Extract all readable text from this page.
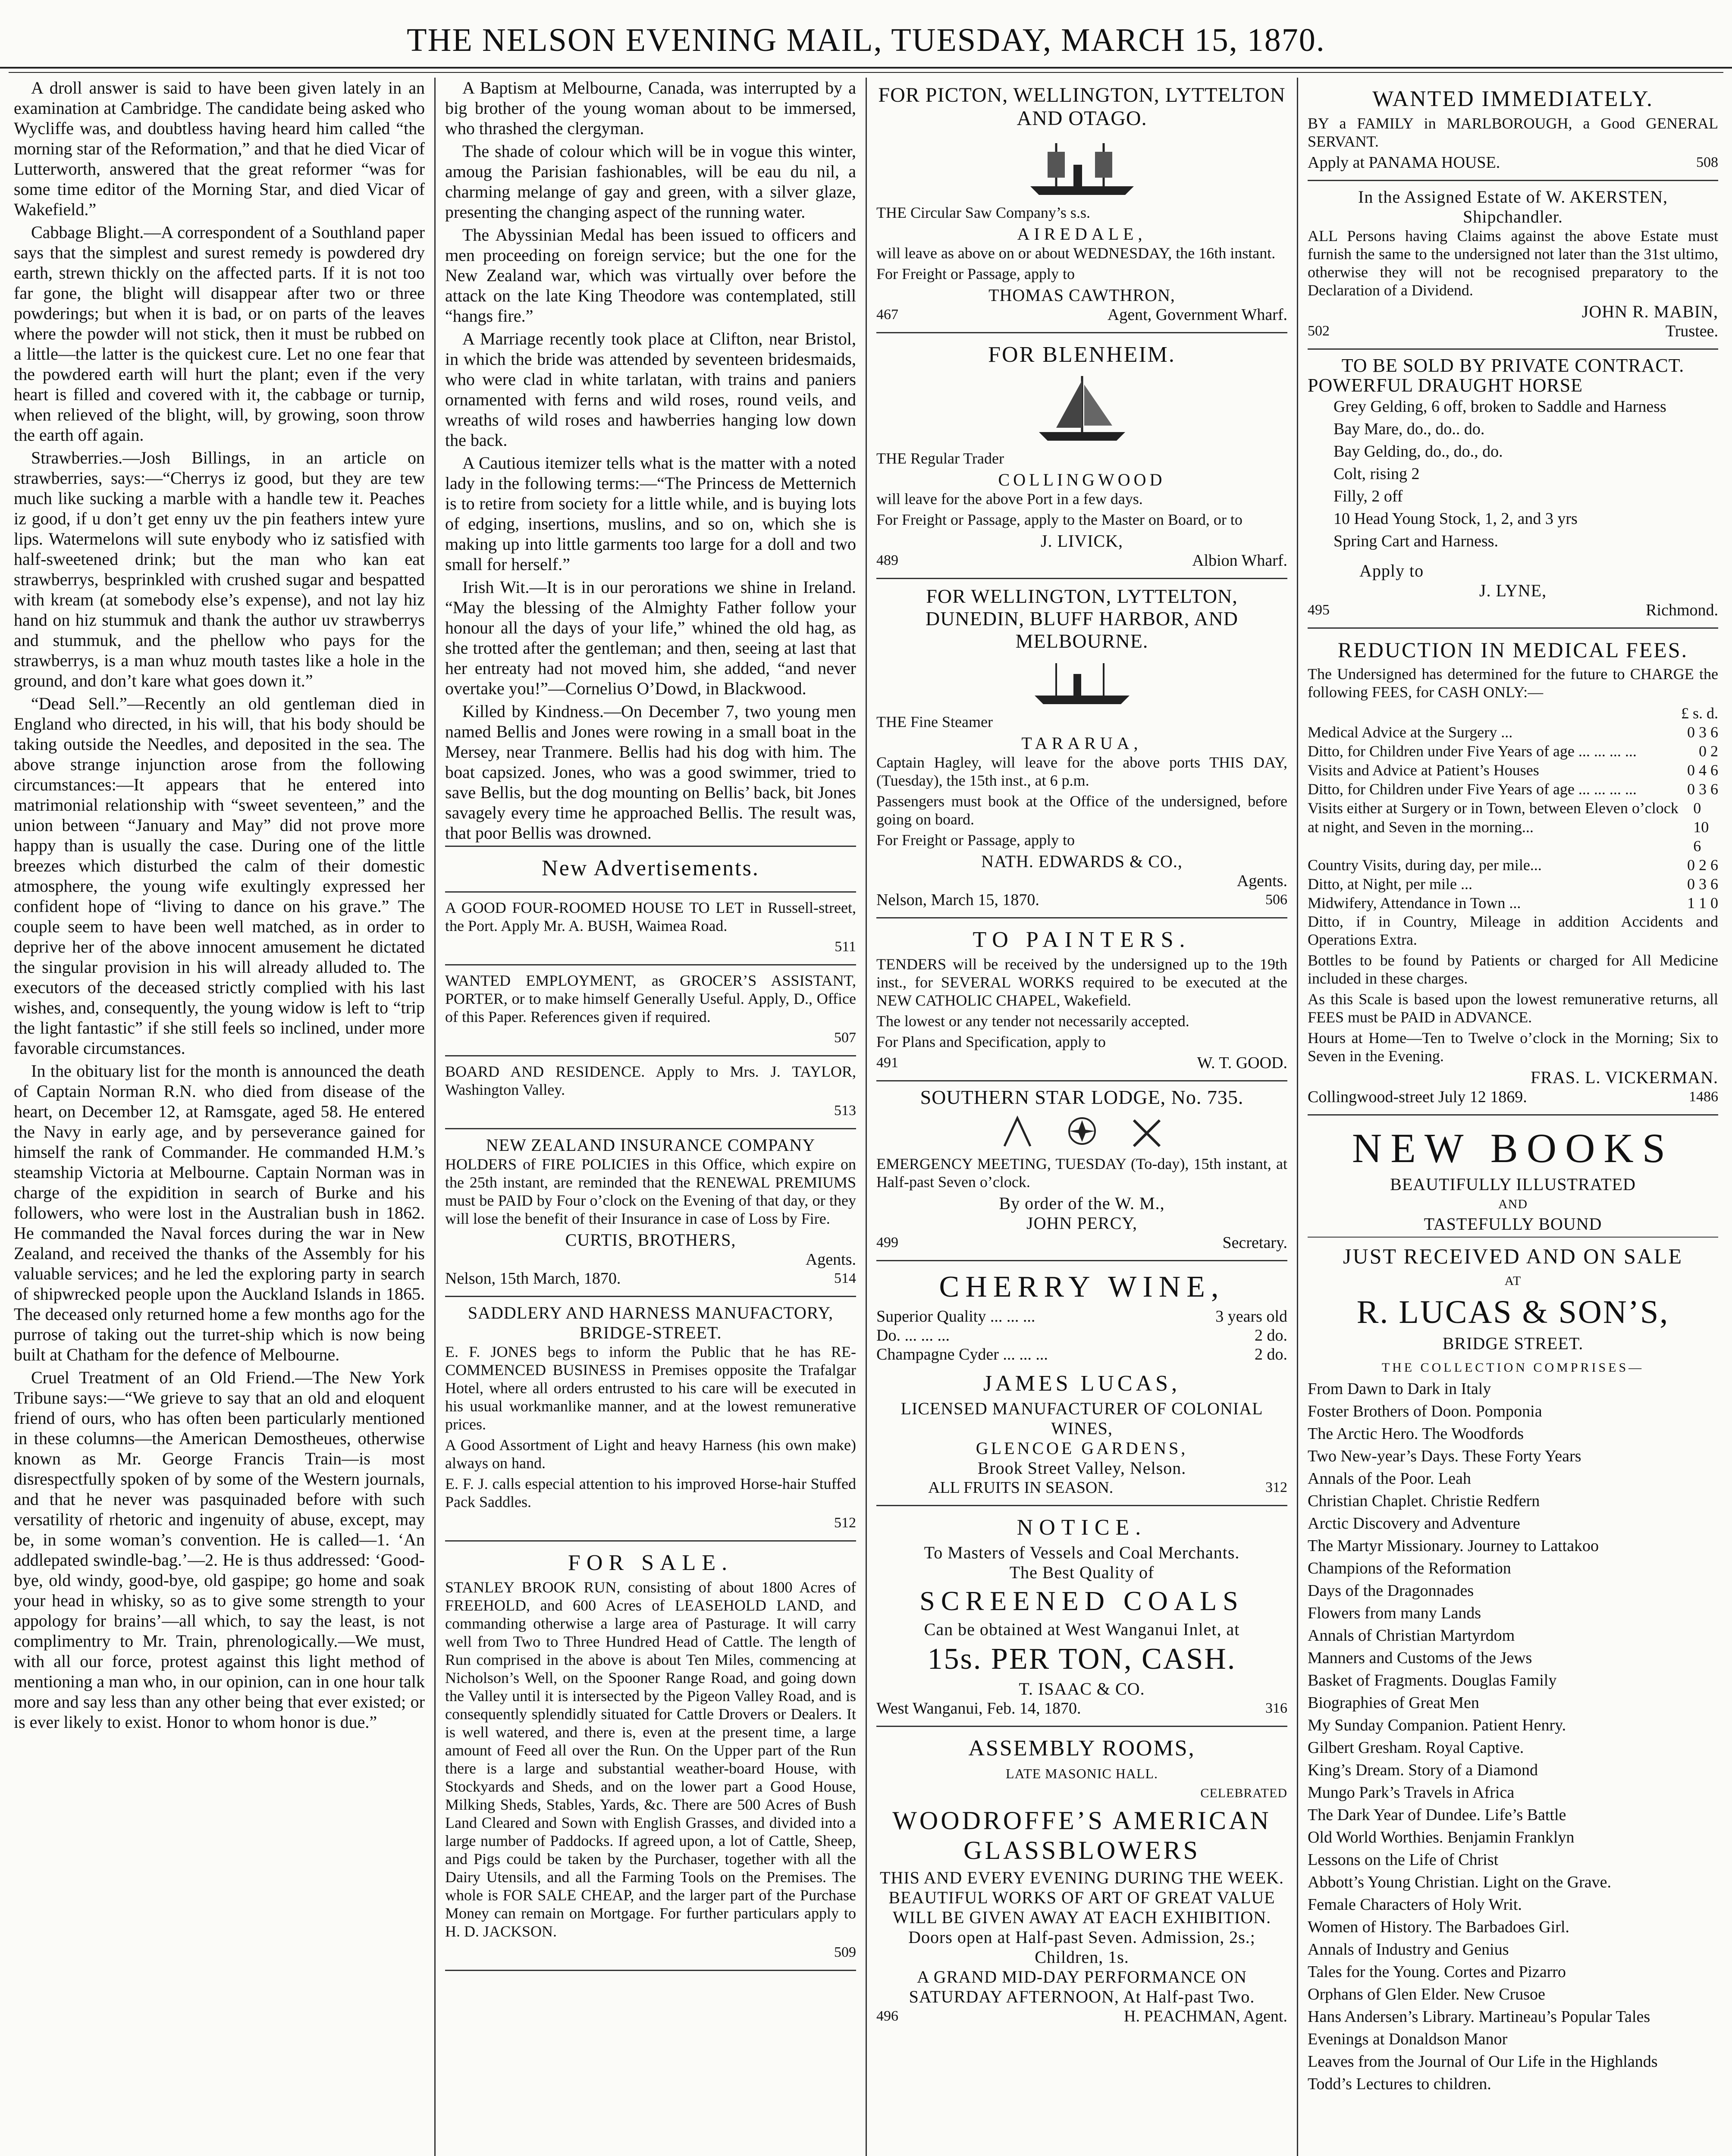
THE NELSON EVENING MAIL, TUESDAY, MARCH 15, 1870.

A droll answer is said to have been given lately in an examination at Cambridge. The candidate being asked who Wycliffe was, and doubtless having heard him called “the morning star of the Reformation,” and that he died Vicar of Lutterworth, answered that the great reformer “was for some time editor of the Morning Star, and died Vicar of Wakefield.”

Cabbage Blight.—A correspondent of a Southland paper says that the simplest and surest remedy is powdered dry earth, strewn thickly on the affected parts. If it is not too far gone, the blight will disappear after two or three powderings; but when it is bad, or on parts of the leaves where the powder will not stick, then it must be rubbed on a little—the latter is the quickest cure. Let no one fear that the powdered earth will hurt the plant; even if the very heart is filled and covered with it, the cabbage or turnip, when relieved of the blight, will, by growing, soon throw the earth off again.

Strawberries.—Josh Billings, in an article on strawberries, says:—“Cherrys iz good, but they are tew much like sucking a marble with a handle tew it. Peaches iz good, if u don’t get enny uv the pin feathers intew yure lips. Watermelons will sute enybody who iz satisfied with half-sweetened drink; but the man who kan eat strawberrys, besprinkled with crushed sugar and bespatted with kream (at somebody else’s expense), and not lay hiz hand on hiz stummuk and thank the author uv strawberrys and stummuk, and the phellow who pays for the strawberrys, is a man whuz mouth tastes like a hole in the ground, and don’t kare what goes down it.”

“Dead Sell.”—Recently an old gentleman died in England who directed, in his will, that his body should be taking outside the Needles, and deposited in the sea. The above strange injunction arose from the following circumstances:—It appears that he entered into matrimonial relationship with “sweet seventeen,” and the union between “January and May” did not prove more happy than is usually the case. During one of the little breezes which disturbed the calm of their domestic atmosphere, the young wife exultingly expressed her confident hope of “living to dance on his grave.” The couple seem to have been well matched, as in order to deprive her of the above innocent amusement he dictated the singular provision in his will already alluded to. The executors of the deceased strictly complied with his last wishes, and, consequently, the young widow is left to “trip the light fantastic” if she still feels so inclined, under more favorable circumstances.

In the obituary list for the month is announced the death of Captain Norman R.N. who died from disease of the heart, on December 12, at Ramsgate, aged 58. He entered the Navy in early age, and by perseverance gained for himself the rank of Commander. He commanded H.M.’s steamship Victoria at Melbourne. Captain Norman was in charge of the expidition in search of Burke and his followers, who were lost in the Australian bush in 1862. He commanded the Naval forces during the war in New Zealand, and received the thanks of the Assembly for his valuable services; and he led the exploring party in search of shipwrecked people upon the Auckland Islands in 1865. The deceased only returned home a few months ago for the purrose of taking out the turret-ship which is now being built at Chatham for the defence of Melbourne.

Cruel Treatment of an Old Friend.—The New York Tribune says:—“We grieve to say that an old and eloquent friend of ours, who has often been particularly mentioned in these columns—the American Demostheues, otherwise known as Mr. George Francis Train—is most disrespectfully spoken of by some of the Western journals, and that he never was pasquinaded before with such versatility of rhetoric and ingenuity of abuse, except, may be, in some woman’s convention. He is called—1. ‘An addlepated swindle-bag.’—2. He is thus addressed: ‘Good-bye, old windy, good-bye, old gaspipe; go home and soak your head in whisky, so as to give some strength to your appology for brains’—all which, to say the least, is not complimentry to Mr. Train, phrenologically.—We must, with all our force, protest against this light method of mentioning a man who, in our opinion, can in one hour talk more and say less than any other being that ever existed; or is ever likely to exist. Honor to whom honor is due.”

A Baptism at Melbourne, Canada, was interrupted by a big brother of the young woman about to be immersed, who thrashed the clergyman.

The shade of colour which will be in vogue this winter, amoug the Parisian fashionables, will be eau du nil, a charming melange of gay and green, with a silver glaze, presenting the changing aspect of the running water.

The Abyssinian Medal has been issued to officers and men proceeding on foreign service; but the one for the New Zealand war, which was virtually over before the attack on the late King Theodore was contemplated, still “hangs fire.”

A Marriage recently took place at Clifton, near Bristol, in which the bride was attended by seventeen bridesmaids, who were clad in white tarlatan, with trains and paniers ornamented with ferns and wild roses, round veils, and wreaths of wild roses and hawberries hanging low down the back.

A Cautious itemizer tells what is the matter with a noted lady in the following terms:—“The Princess de Metternich is to retire from society for a little while, and is buying lots of edging, insertions, muslins, and so on, which she is making up into little garments too large for a doll and two small for herself.”

Irish Wit.—It is in our perorations we shine in Ireland. “May the blessing of the Almighty Father follow your honour all the days of your life,” whined the old hag, as she trotted after the gentleman; and then, seeing at last that her entreaty had not moved him, she added, “and never overtake you!”—Cornelius O’Dowd, in Blackwood.

Killed by Kindness.—On December 7, two young men named Bellis and Jones were rowing in a small boat in the Mersey, near Tranmere. Bellis had his dog with him. The boat capsized. Jones, who was a good swimmer, tried to save Bellis, but the dog mounting on Bellis’ back, bit Jones savagely every time he approached Bellis. The result was, that poor Bellis was drowned.

New Advertisements.

A GOOD FOUR-ROOMED HOUSE TO LET in Russell-street, the Port. Apply Mr. A. BUSH, Waimea Road.

511

WANTED EMPLOYMENT, as GROCER’S ASSISTANT, PORTER, or to make himself Generally Useful. Apply, D., Office of this Paper. References given if required.

507

BOARD AND RESIDENCE. Apply to Mrs. J. TAYLOR, Washington Valley.

513
NEW ZEALAND INSURANCE COMPANY

HOLDERS of FIRE POLICIES in this Office, which expire on the 25th instant, are reminded that the RENEWAL PREMIUMS must be PAID by Four o’clock on the Evening of that day, or they will lose the benefit of their Insurance in case of Loss by Fire.

CURTIS, BROTHERS,
Agents.
Nelson, 15th March, 1870.	514
SADDLERY AND HARNESS MANUFACTORY, BRIDGE-STREET.

E. F. JONES begs to inform the Public that he has RE-COMMENCED BUSINESS in Premises opposite the Trafalgar Hotel, where all orders entrusted to his care will be executed in his usual workmanlike manner, and at the lowest remunerative prices.

A Good Assortment of Light and heavy Harness (his own make) always on hand.

E. F. J. calls especial attention to his improved Horse-hair Stuffed Pack Saddles.

512
FOR SALE.

STANLEY BROOK RUN, consisting of about 1800 Acres of FREEHOLD, and 600 Acres of LEASEHOLD LAND, and commanding otherwise a large area of Pasturage. It will carry well from Two to Three Hundred Head of Cattle. The length of Run comprised in the above is about Ten Miles, commencing at Nicholson’s Well, on the Spooner Range Road, and going down the Valley until it is intersected by the Pigeon Valley Road, and is consequently splendidly situated for Cattle Drovers or Dealers. It is well watered, and there is, even at the present time, a large amount of Feed all over the Run. On the Upper part of the Run there is a large and substantial weather-board House, with Stockyards and Sheds, and on the lower part a Good House, Milking Sheds, Stables, Yards, &c. There are 500 Acres of Bush Land Cleared and Sown with English Grasses, and divided into a large number of Paddocks. If agreed upon, a lot of Cattle, Sheep, and Pigs could be taken by the Purchaser, together with all the Dairy Utensils, and all the Farming Tools on the Premises. The whole is FOR SALE CHEAP, and the larger part of the Purchase Money can remain on Mortgage. For further particulars apply to H. D. JACKSON.

509
FOR PICTON, WELLINGTON, LYTTELTON AND OTAGO.

THE Circular Saw Company’s s.s.

AIREDALE,

will leave as above on or about WEDNESDAY, the 16th instant.

For Freight or Passage, apply to

THOMAS CAWTHRON,
467	Agent, Government Wharf.
FOR BLENHEIM.

THE Regular Trader

COLLINGWOOD

will leave for the above Port in a few days.

For Freight or Passage, apply to the Master on Board, or to

J. LIVICK,
489	Albion Wharf.
FOR WELLINGTON, LYTTELTON, DUNEDIN, BLUFF HARBOR, AND MELBOURNE.

THE Fine Steamer

TARARUA,

Captain Hagley, will leave for the above ports THIS DAY, (Tuesday), the 15th inst., at 6 p.m.

Passengers must book at the Office of the undersigned, before going on board.

For Freight or Passage, apply to

NATH. EDWARDS & CO.,
Agents.
Nelson, March 15, 1870.	506
TO PAINTERS.

TENDERS will be received by the undersigned up to the 19th inst., for SEVERAL WORKS required to be executed at the NEW CATHOLIC CHAPEL, Wakefield.

The lowest or any tender not necessarily accepted.

For Plans and Specification, apply to

491	W. T. GOOD.
SOUTHERN STAR LODGE, No. 735.

EMERGENCY MEETING, TUESDAY (To-day), 15th instant, at Half-past Seven o’clock.

By order of the W. M.,
JOHN PERCY,
499	Secretary.
CHERRY WINE,
Superior Quality ... ... ...	3 years old
Do. ... ... ...	2 do.
Champagne Cyder ... ... ...	2 do.
JAMES LUCAS,
LICENSED MANUFACTURER OF COLONIAL WINES,
GLENCOE GARDENS,
Brook Street Valley, Nelson.
ALL FRUITS IN SEASON.	312
NOTICE.
To Masters of Vessels and Coal Merchants.
The Best Quality of
SCREENED COALS
Can be obtained at West Wanganui Inlet, at
15s. PER TON, CASH.
T. ISAAC & CO.
West Wanganui, Feb. 14, 1870.	316
ASSEMBLY ROOMS,
LATE MASONIC HALL.
CELEBRATED
WOODROFFE’S AMERICAN GLASSBLOWERS
THIS AND EVERY EVENING DURING THE WEEK.
BEAUTIFUL WORKS OF ART OF GREAT VALUE WILL BE GIVEN AWAY AT EACH EXHIBITION.
Doors open at Half-past Seven. Admission, 2s.; Children, 1s.
A GRAND MID-DAY PERFORMANCE ON SATURDAY AFTERNOON, At Half-past Two.
496	H. PEACHMAN, Agent.
WANTED IMMEDIATELY.

BY a FAMILY in MARLBOROUGH, a Good GENERAL SERVANT.

Apply at PANAMA HOUSE.	508
In the Assigned Estate of W. AKERSTEN, Shipchandler.

ALL Persons having Claims against the above Estate must furnish the same to the undersigned not later than the 31st ultimo, otherwise they will not be recognised preparatory to the Declaration of a Dividend.

JOHN R. MABIN,
502	Trustee.
TO BE SOLD BY PRIVATE CONTRACT.
POWERFUL DRAUGHT HORSE
Grey Gelding, 6 off, broken to Saddle and Harness
Bay Mare, do., do.. do.
Bay Gelding, do., do., do.
Colt, rising 2
Filly, 2 off
10 Head Young Stock, 1, 2, and 3 yrs
Spring Cart and Harness.
Apply to
J. LYNE,
495	Richmond.
REDUCTION IN MEDICAL FEES.

The Undersigned has determined for the future to CHARGE the following FEES, for CASH ONLY:—

£ s. d.
Medical Advice at the Surgery ...	0 3 6
Ditto, for Children under Five Years of age ... ... ... ...	0 2
Visits and Advice at Patient’s Houses	0 4 6
Ditto, for Children under Five Years of age ... ... ... ...	0 3 6
Visits either at Surgery or in Town, between Eleven o’clock at night, and Seven in the morning...
0 10 6
Country Visits, during day, per mile...	0 2 6
Ditto, at Night, per mile ...	0 3 6
Midwifery, Attendance in Town ...	1 1 0

Ditto, if in Country, Mileage in addition Accidents and Operations Extra.

Bottles to be found by Patients or charged for All Medicine included in these charges.

As this Scale is based upon the lowest remunerative returns, all FEES must be PAID in ADVANCE.

Hours at Home—Ten to Twelve o’clock in the Morning; Six to Seven in the Evening.

FRAS. L. VICKERMAN.
Collingwood-street July 12 1869.	1486
NEW BOOKS
BEAUTIFULLY ILLUSTRATED
AND
TASTEFULLY BOUND
JUST RECEIVED AND ON SALE
AT
R. LUCAS & SON’S,
BRIDGE STREET.
THE COLLECTION COMPRISES—
From Dawn to Dark in Italy
Foster Brothers of Doon. Pomponia
The Arctic Hero. The Woodfords
Two New-year’s Days. These Forty Years
Annals of the Poor. Leah
Christian Chaplet. Christie Redfern
Arctic Discovery and Adventure
The Martyr Missionary. Journey to Lattakoo
Champions of the Reformation
Days of the Dragonnades
Flowers from many Lands
Annals of Christian Martyrdom
Manners and Customs of the Jews
Basket of Fragments. Douglas Family
Biographies of Great Men
My Sunday Companion. Patient Henry.
Gilbert Gresham. Royal Captive.
King’s Dream. Story of a Diamond
Mungo Park’s Travels in Africa
The Dark Year of Dundee. Life’s Battle
Old World Worthies. Benjamin Franklyn
Lessons on the Life of Christ
Abbott’s Young Christian. Light on the Grave.
Female Characters of Holy Writ.
Women of History. The Barbadoes Girl.
Annals of Industry and Genius
Tales for the Young. Cortes and Pizarro
Orphans of Glen Elder. New Crusoe
Hans Andersen’s Library. Martineau’s Popular Tales
Evenings at Donaldson Manor
Leaves from the Journal of Our Life in the Highlands
Todd’s Lectures to children.
